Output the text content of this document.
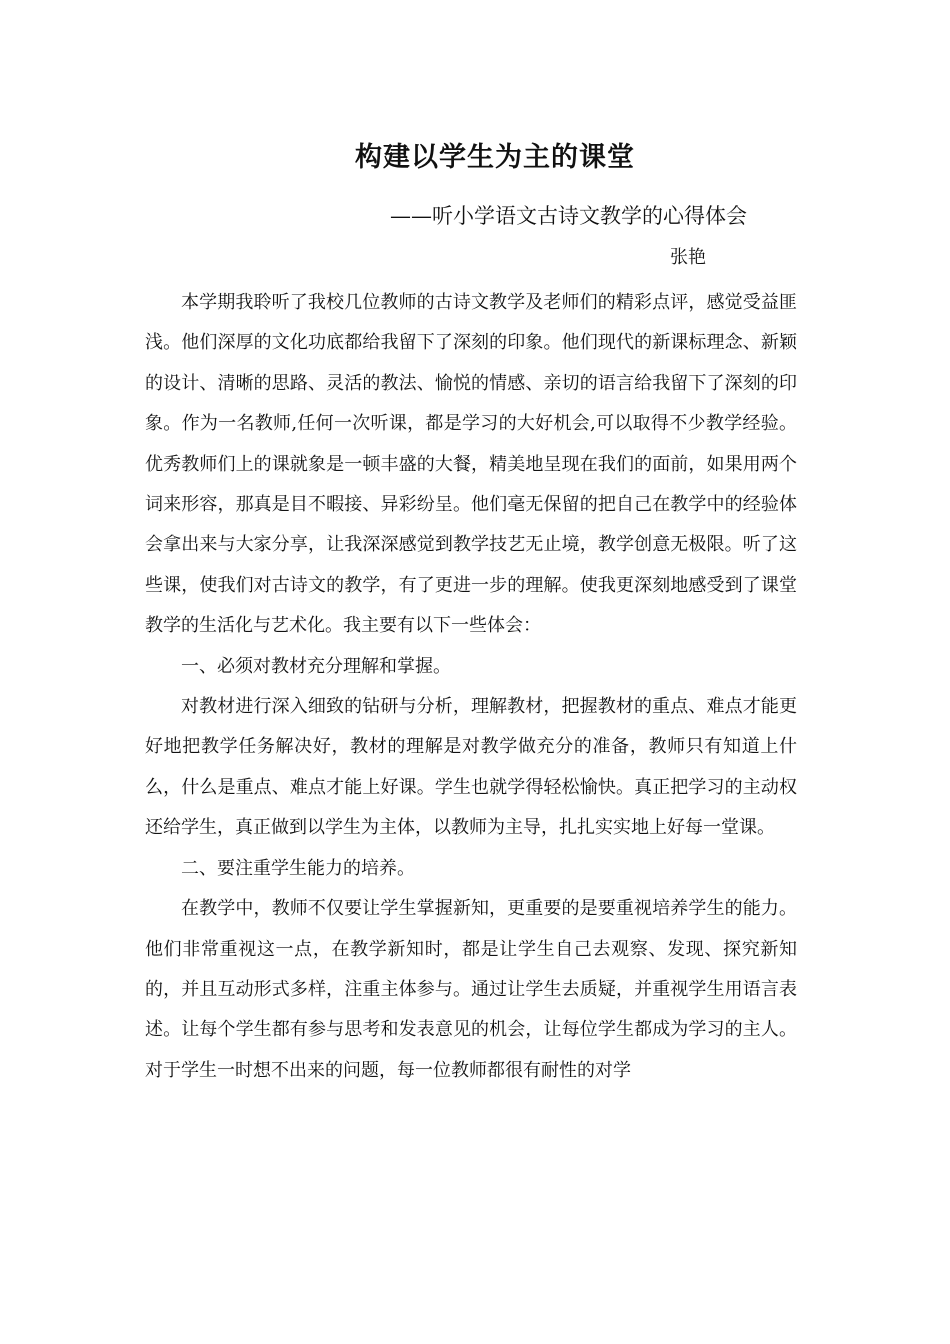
构建以学生为主的课堂
——听小学语文古诗文教学的心得体会
张艳

本学期我聆听了我校几位教师的古诗文教学及老师们的精彩点评，感觉受益匪浅。他们深厚的文化功底都给我留下了深刻的印象。他们现代的新课标理念、新颖的设计、清晰的思路、灵活的教法、愉悦的情感、亲切的语言给我留下了深刻的印象。作为一名教师,任何一次听课，都是学习的大好机会,可以取得不少教学经验。优秀教师们上的课就象是一顿丰盛的大餐，精美地呈现在我们的面前，如果用两个词来形容，那真是目不暇接、异彩纷呈。他们毫无保留的把自己在教学中的经验体会拿出来与大家分享，让我深深感觉到教学技艺无止境，教学创意无极限。听了这些课，使我们对古诗文的教学，有了更进一步的理解。使我更深刻地感受到了课堂教学的生活化与艺术化。我主要有以下一些体会：

一、必须对教材充分理解和掌握。

对教材进行深入细致的钻研与分析，理解教材，把握教材的重点、难点才能更好地把教学任务解决好，教材的理解是对教学做充分的准备，教师只有知道上什么，什么是重点、难点才能上好课。学生也就学得轻松愉快。真正把学习的主动权还给学生，真正做到以学生为主体，以教师为主导，扎扎实实地上好每一堂课。

二、要注重学生能力的培养。

在教学中，教师不仅要让学生掌握新知，更重要的是要重视培养学生的能力。他们非常重视这一点，在教学新知时，都是让学生自己去观察、发现、探究新知的，并且互动形式多样，注重主体参与。通过让学生去质疑，并重视学生用语言表述。让每个学生都有参与思考和发表意见的机会，让每位学生都成为学习的主人。对于学生一时想不出来的问题，每一位教师都很有耐性的对学
